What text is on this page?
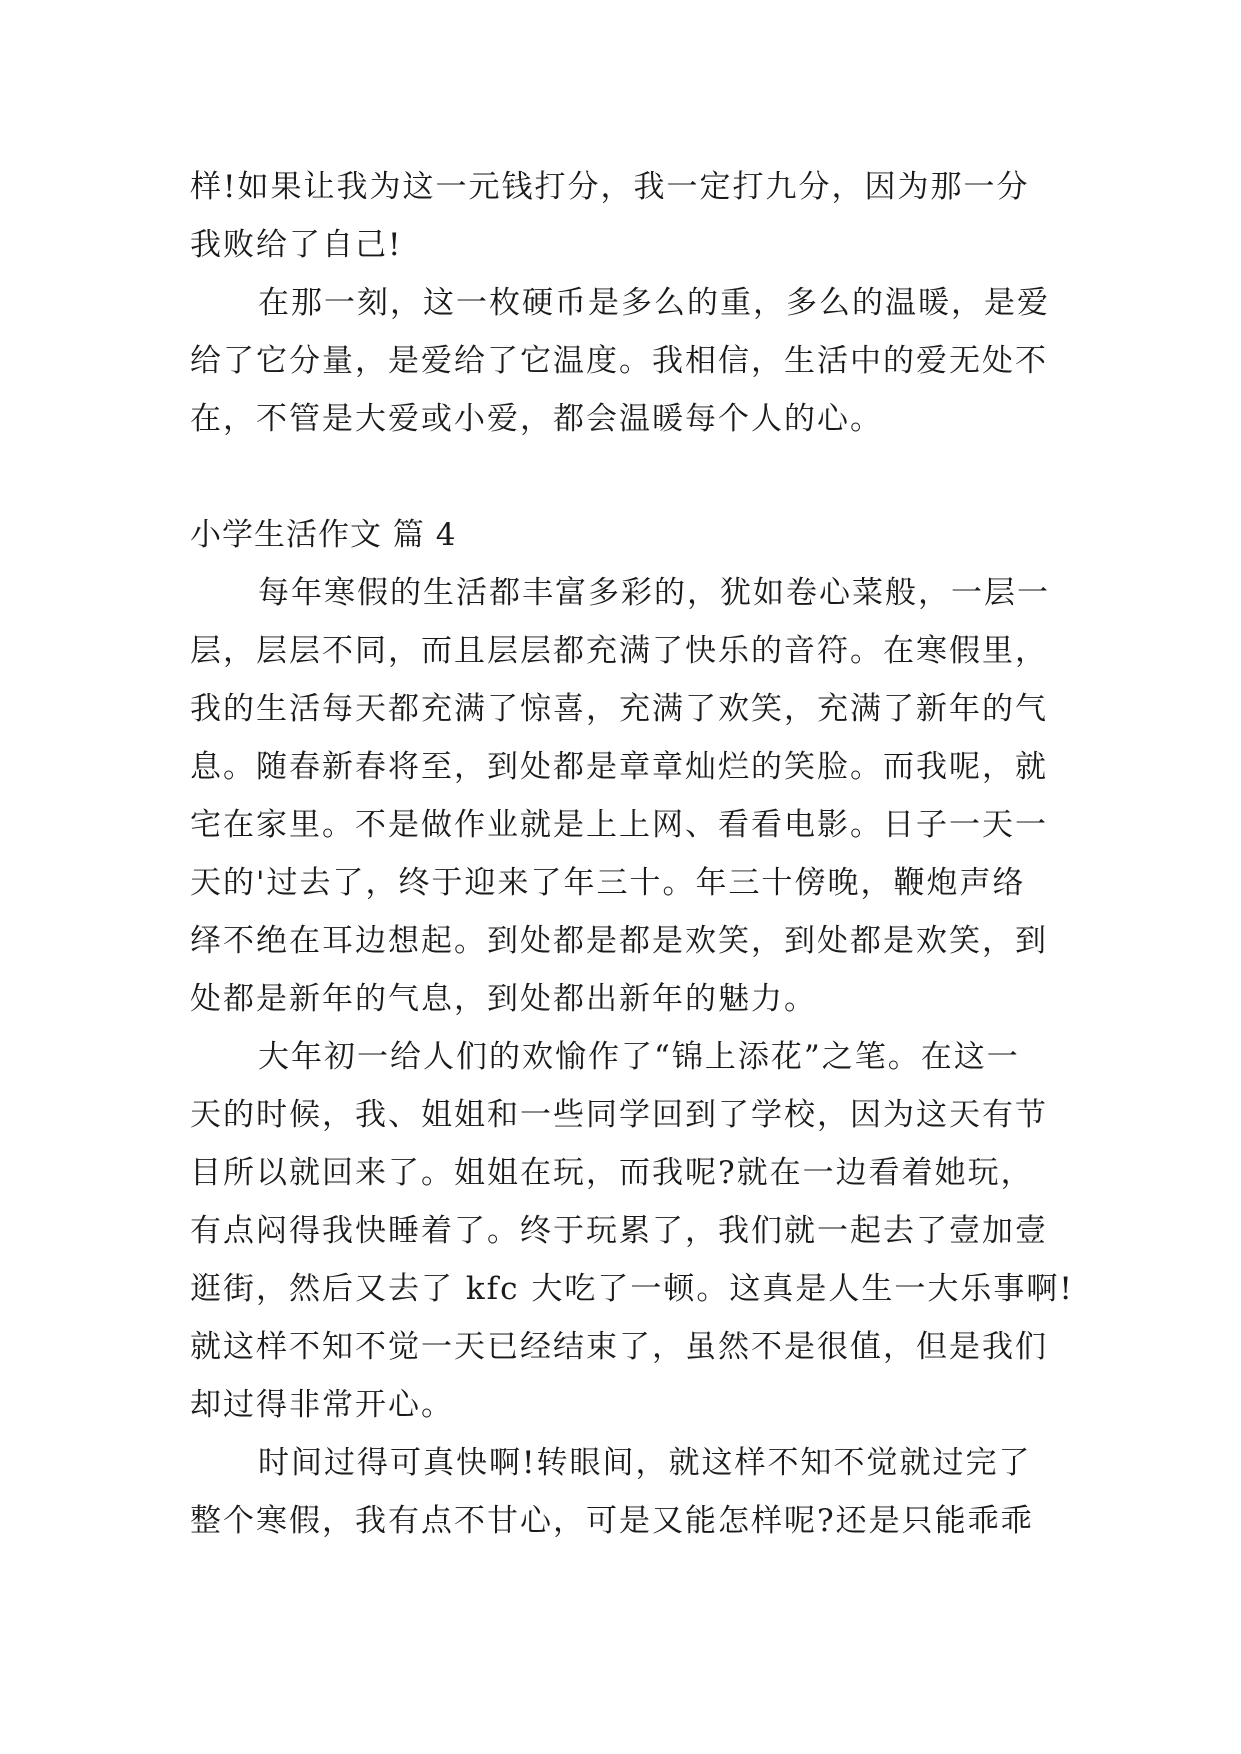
样!如果让我为这一元钱打分，我一定打九分，因为那一分
我败给了自己!
在那一刻，这一枚硬币是多么的重，多么的温暖，是爱
给了它分量，是爱给了它温度。我相信，生活中的爱无处不
在，不管是大爱或小爱，都会温暖每个人的心。
小学生活作文 篇 4
每年寒假的生活都丰富多彩的，犹如卷心菜般，一层一
层，层层不同，而且层层都充满了快乐的音符。在寒假里，
我的生活每天都充满了惊喜，充满了欢笑，充满了新年的气
息。随春新春将至，到处都是章章灿烂的笑脸。而我呢，就
宅在家里。不是做作业就是上上网、看看电影。日子一天一
天的'过去了，终于迎来了年三十。年三十傍晚，鞭炮声络
绎不绝在耳边想起。到处都是都是欢笑，到处都是欢笑，到
处都是新年的气息，到处都出新年的魅力。
大年初一给人们的欢愉作了“锦上添花”之笔。在这一
天的时候，我、姐姐和一些同学回到了学校，因为这天有节
目所以就回来了。姐姐在玩，而我呢?就在一边看着她玩，
有点闷得我快睡着了。终于玩累了，我们就一起去了壹加壹
逛街，然后又去了 kfc 大吃了一顿。这真是人生一大乐事啊!
就这样不知不觉一天已经结束了，虽然不是很值，但是我们
却过得非常开心。
时间过得可真快啊!转眼间，就这样不知不觉就过完了
整个寒假，我有点不甘心，可是又能怎样呢?还是只能乖乖
